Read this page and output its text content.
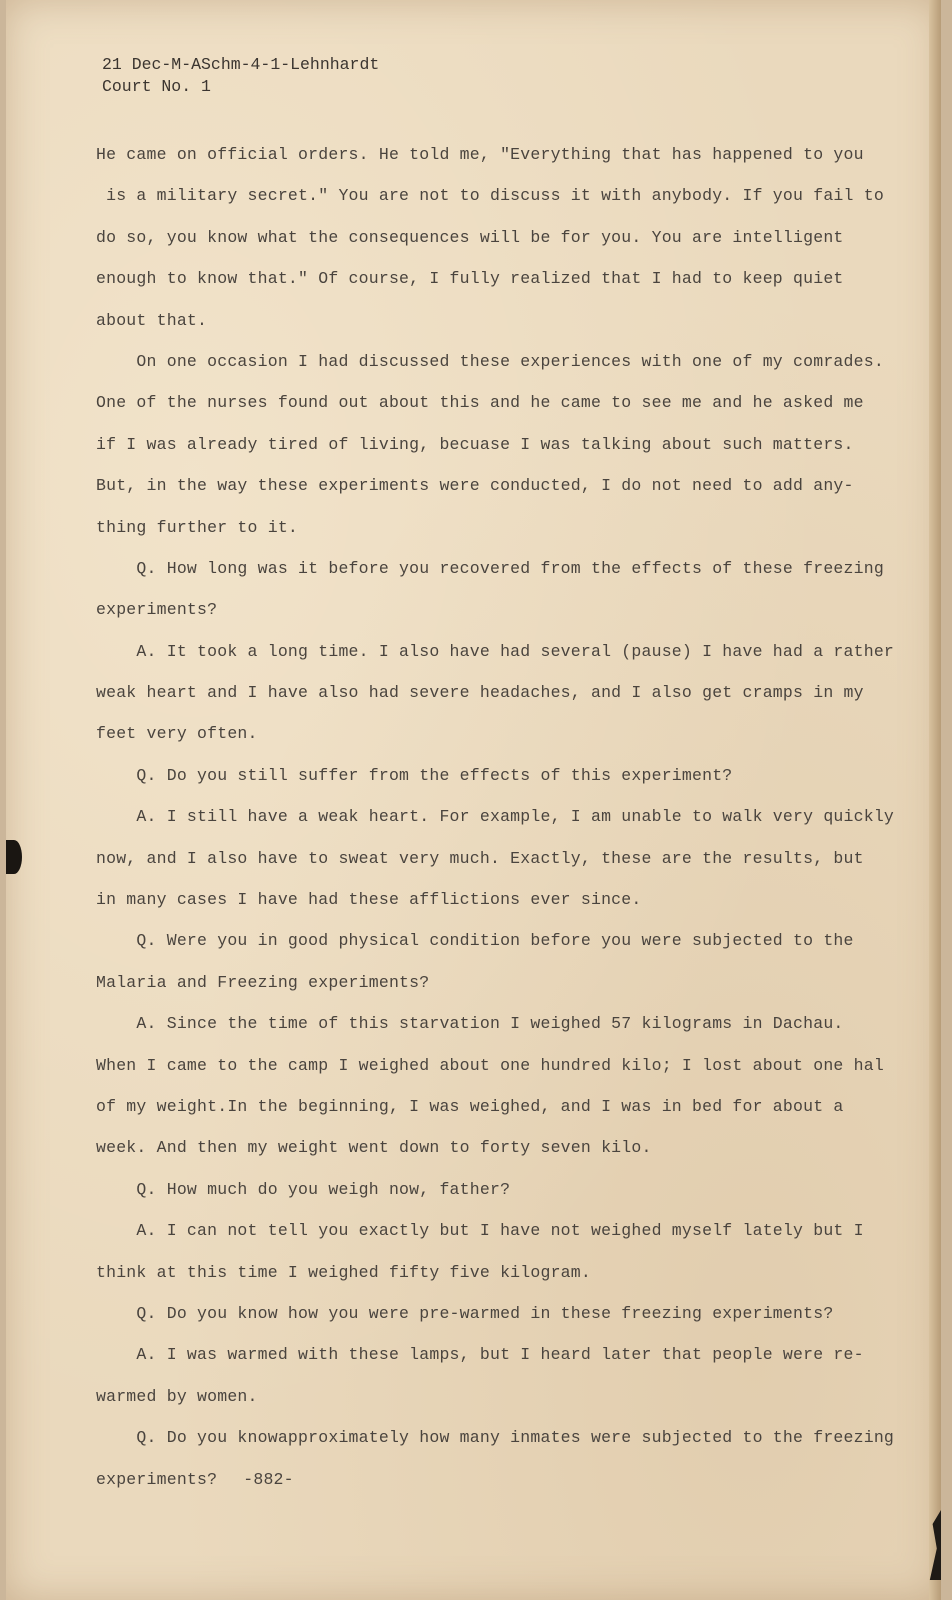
21 Dec-M-ASchm-4-1-Lehnhardt
Court No. 1
He came on official orders. He told me, "Everything that has happened to you
is a military secret." You are not to discuss it with anybody. If you fail to
do so, you know what the consequences will be for you. You are intelligent
enough to know that." Of course, I fully realized that I had to keep quiet
about that.
On one occasion I had discussed these experiences with one of my comrades.
One of the nurses found out about this and he came to see me and he asked me
if I was already tired of living, becuase I was talking about such matters.
But, in the way these experiments were conducted, I do not need to add any-
thing further to it.
Q. How long was it before you recovered from the effects of these freezing
experiments?
A. It took a long time. I also have had several (pause) I have had a rather
weak heart and I have also had severe headaches, and I also get cramps in my
feet very often.
Q. Do you still suffer from the effects of this experiment?
A. I still have a weak heart. For example, I am unable to walk very quickly
now, and I also have to sweat very much. Exactly, these are the results, but
in many cases I have had these afflictions ever since.
Q. Were you in good physical condition before you were subjected to the
Malaria and Freezing experiments?
A. Since the time of this starvation I weighed 57 kilograms in Dachau.
When I came to the camp I weighed about one hundred kilo; I lost about one hal
of my weight.In the beginning, I was weighed, and I was in bed for about a
week. And then my weight went down to forty seven kilo.
Q. How much do you weigh now, father?
A. I can not tell you exactly but I have not weighed myself lately but I
think at this time I weighed fifty five kilogram.
Q. Do you know how you were pre-warmed in these freezing experiments?
A. I was warmed with these lamps, but I heard later that people were re-
warmed by women.
Q. Do you knowapproximately how many inmates were subjected to the freezing
experiments? -882-
